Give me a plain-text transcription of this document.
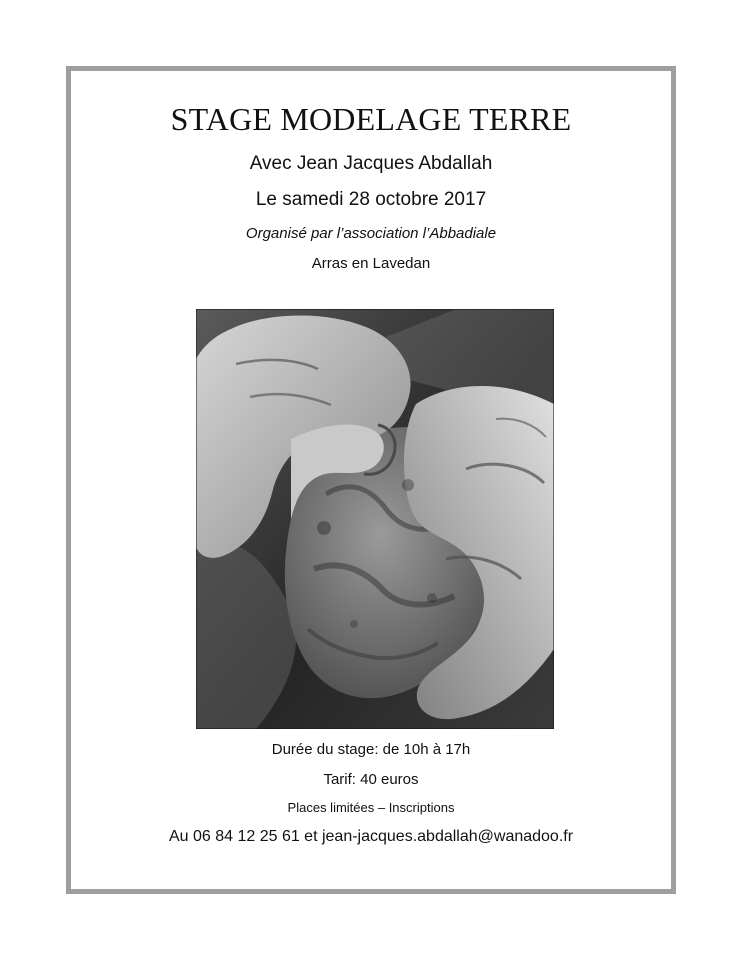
STAGE MODELAGE TERRE
Avec Jean Jacques Abdallah
Le samedi 28 octobre 2017
Organisé par l’association l’Abbadiale
Arras en Lavedan
Durée du stage: de 10h à 17h
Tarif: 40 euros
Places limitées – Inscriptions
Au 06 84 12 25 61 et jean-jacques.abdallah@wanadoo.fr
